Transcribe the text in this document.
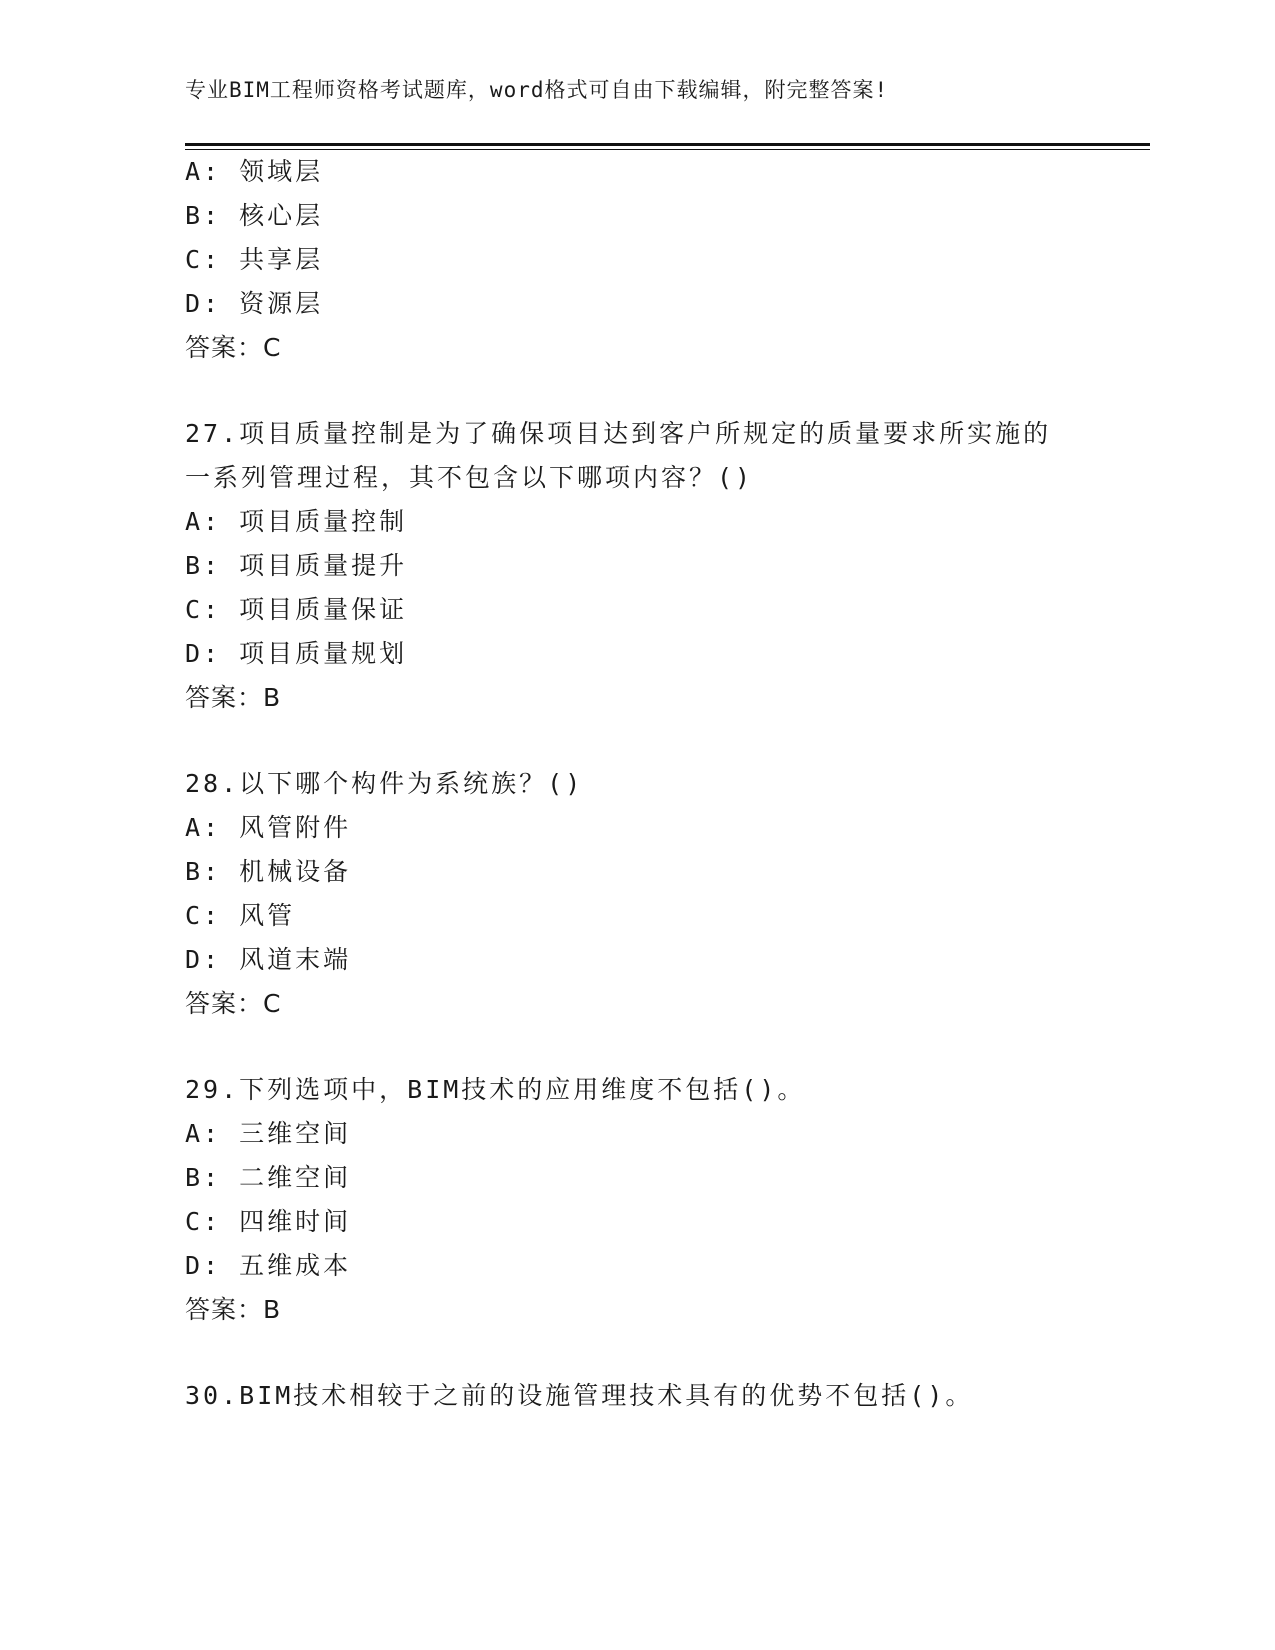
专业BIM工程师资格考试题库，word格式可自由下载编辑，附完整答案!
A: 领域层
B: 核心层
C: 共享层
D: 资源层
答案：C
27.项目质量控制是为了确保项目达到客户所规定的质量要求所实施的
一系列管理过程，其不包含以下哪项内容？()
A: 项目质量控制
B: 项目质量提升
C: 项目质量保证
D: 项目质量规划
答案：B
28.以下哪个构件为系统族？()
A: 风管附件
B: 机械设备
C: 风管
D: 风道末端
答案：C
29.下列选项中，BIM技术的应用维度不包括()。
A: 三维空间
B: 二维空间
C: 四维时间
D: 五维成本
答案：B
30.BIM技术相较于之前的设施管理技术具有的优势不包括()。
